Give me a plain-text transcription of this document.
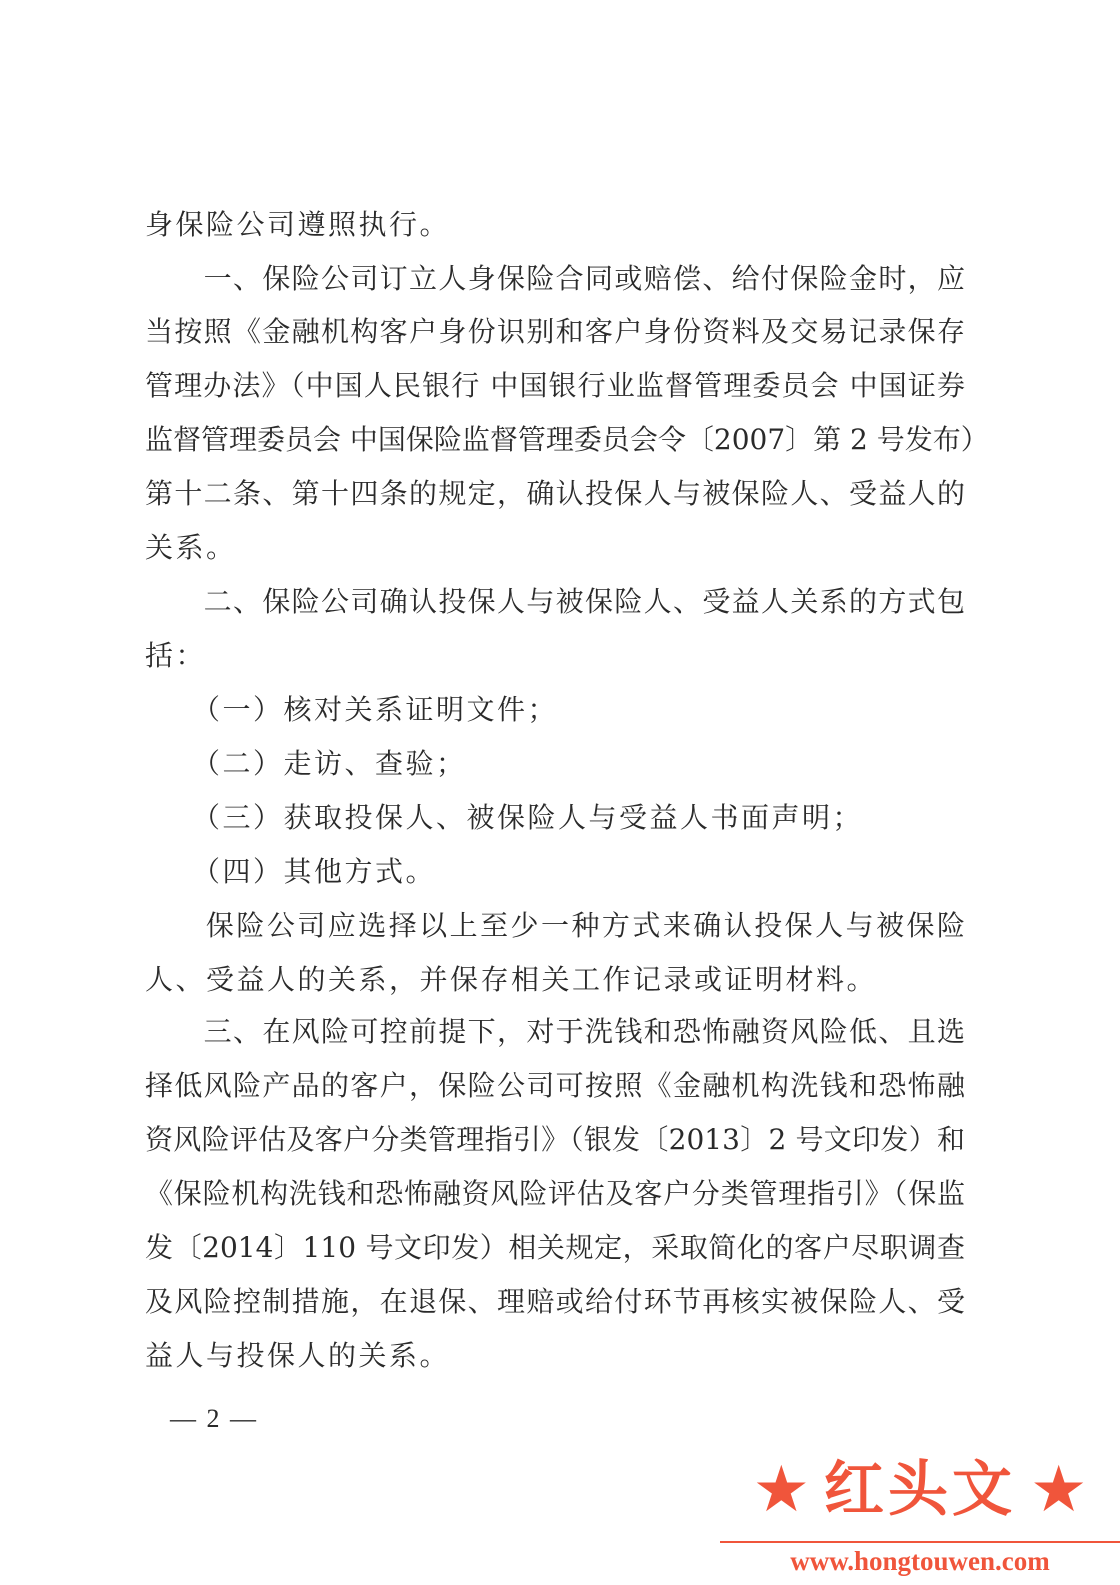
身保险公司遵照执行。
　　一、保险公司订立人身保险合同或赔偿、给付保险金时，应
当按照《金融机构客户身份识别和客户身份资料及交易记录保存
管理办法》（中国人民银行 中国银行业监督管理委员会 中国证券
监督管理委员会 中国保险监督管理委员会令〔2007〕第 2 号发布）
第十二条、第十四条的规定，确认投保人与被保险人、受益人的
关系。
　　二、保险公司确认投保人与被保险人、受益人关系的方式包
括：
　　（一）核对关系证明文件；
　　（二）走访、查验；
　　（三）获取投保人、被保险人与受益人书面声明；
　　（四）其他方式。
　　保险公司应选择以上至少一种方式来确认投保人与被保险
人、受益人的关系，并保存相关工作记录或证明材料。
　　三、在风险可控前提下，对于洗钱和恐怖融资风险低、且选
择低风险产品的客户，保险公司可按照《金融机构洗钱和恐怖融
资风险评估及客户分类管理指引》（银发〔2013〕2 号文印发）和
《保险机构洗钱和恐怖融资风险评估及客户分类管理指引》（保监
发〔2014〕110 号文印发）相关规定，采取简化的客户尽职调查
及风险控制措施，在退保、理赔或给付环节再核实被保险人、受
益人与投保人的关系。
— 2 —
★ 红头文 ★
www.hongtouwen.com
